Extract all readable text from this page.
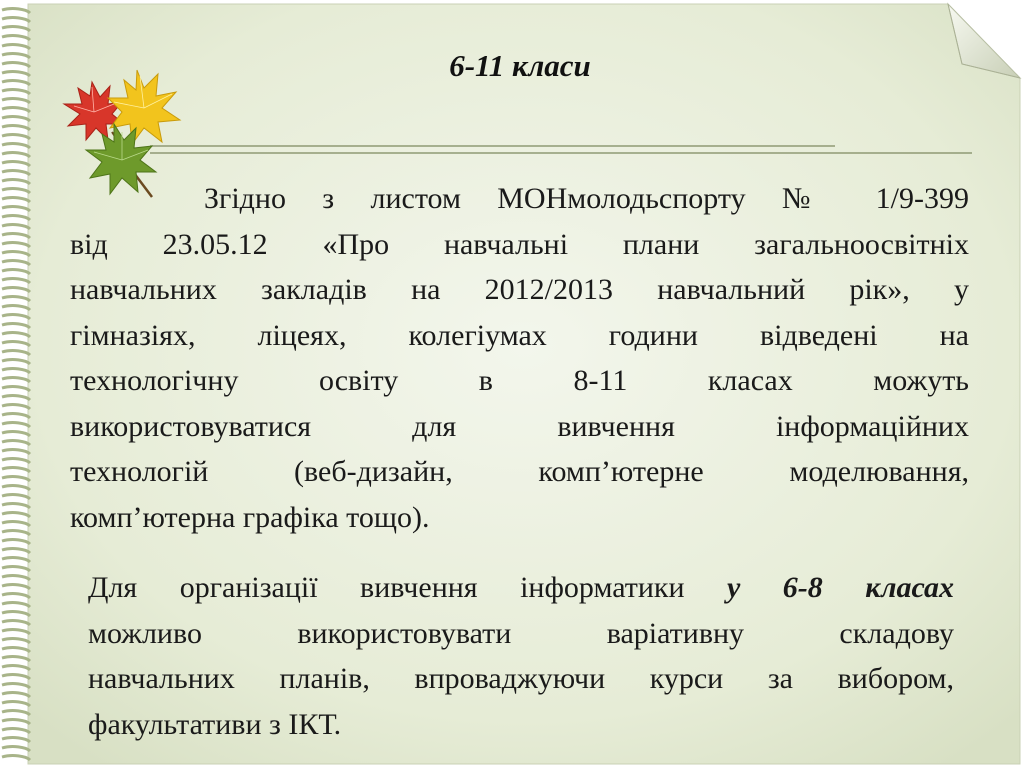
6-11 класи
Згідно з листом МОНмолодьспорту № 1/9-399
від 23.05.12 «Про навчальні плани загальноосвітніх
навчальних закладів на 2012/2013 навчальний рік», у
гімназіях, ліцеях, колегіумах години відведені на
технологічну освіту в 8-11 класах можуть
використовуватися для вивчення інформаційних
технологій (веб-дизайн, комп’ютерне моделювання,
комп’ютерна графіка тощо).
Для організації вивчення інформатики у 6-8 класах
можливо використовувати варіативну складову
навчальних планів, впроваджуючи курси за вибором,
факультативи з ІКТ.
